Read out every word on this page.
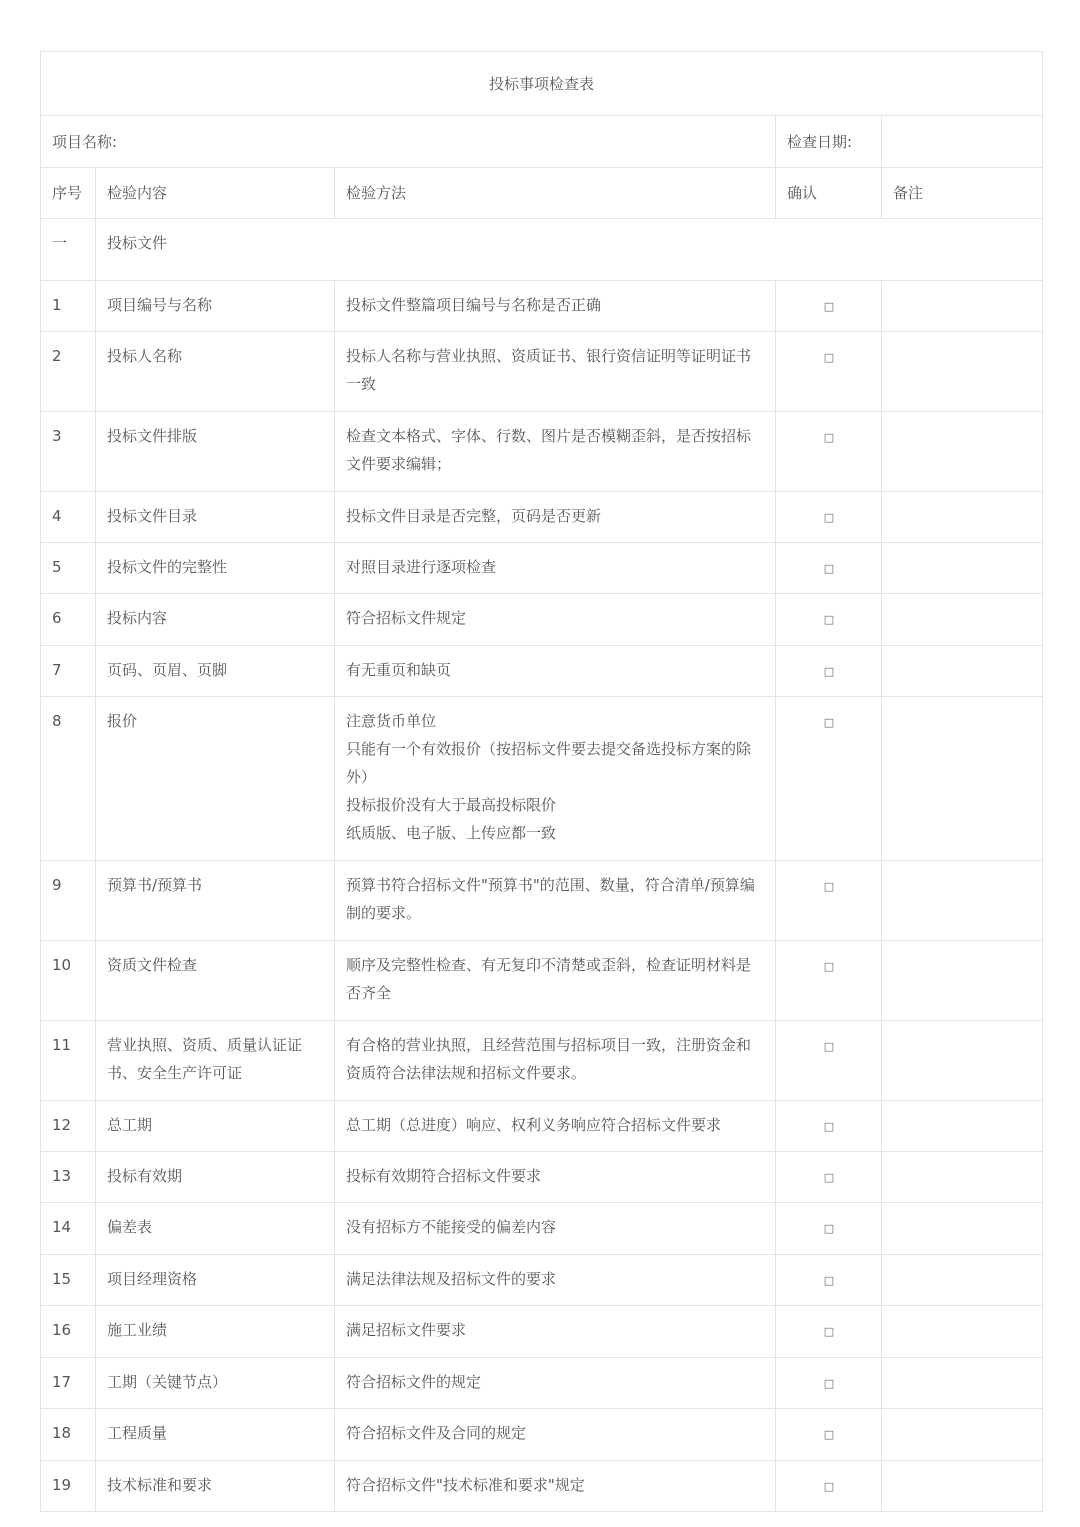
投标事项检查表				
项目名称:			检查日期:	
序号	检验内容	检验方法	确认	备注
一	投标文件			
1	项目编号与名称	投标文件整篇项目编号与名称是否正确	□	
2	投标人名称	投标人名称与营业执照、资质证书、银行资信证明等证明证书一致	□	
3	投标文件排版	检查文本格式、字体、行数、图片是否模糊歪斜，是否按招标文件要求编辑；	□	
4	投标文件目录	投标文件目录是否完整，页码是否更新	□	
5	投标文件的完整性	对照目录进行逐项检查	□	
6	投标内容	符合招标文件规定	□	
7	页码、页眉、页脚	有无重页和缺页	□	
8	报价	注意货币单位
只能有一个有效报价（按招标文件要去提交备选投标方案的除外）
投标报价没有大于最高投标限价
纸质版、电子版、上传应都一致	□	
9	预算书/预算书	预算书符合招标文件"预算书"的范围、数量，符合清单/预算编制的要求。	□	
10	资质文件检查	顺序及完整性检查、有无复印不清楚或歪斜，检查证明材料是否齐全	□	
11	营业执照、资质、质量认证证书、安全生产许可证	有合格的营业执照，且经营范围与招标项目一致，注册资金和资质符合法律法规和招标文件要求。	□	
12	总工期	总工期（总进度）响应、权利义务响应符合招标文件要求	□	
13	投标有效期	投标有效期符合招标文件要求	□	
14	偏差表	没有招标方不能接受的偏差内容	□	
15	项目经理资格	满足法律法规及招标文件的要求	□	
16	施工业绩	满足招标文件要求	□	
17	工期（关键节点）	符合招标文件的规定	□	
18	工程质量	符合招标文件及合同的规定	□	
19	技术标准和要求	符合招标文件"技术标准和要求"规定	□	
